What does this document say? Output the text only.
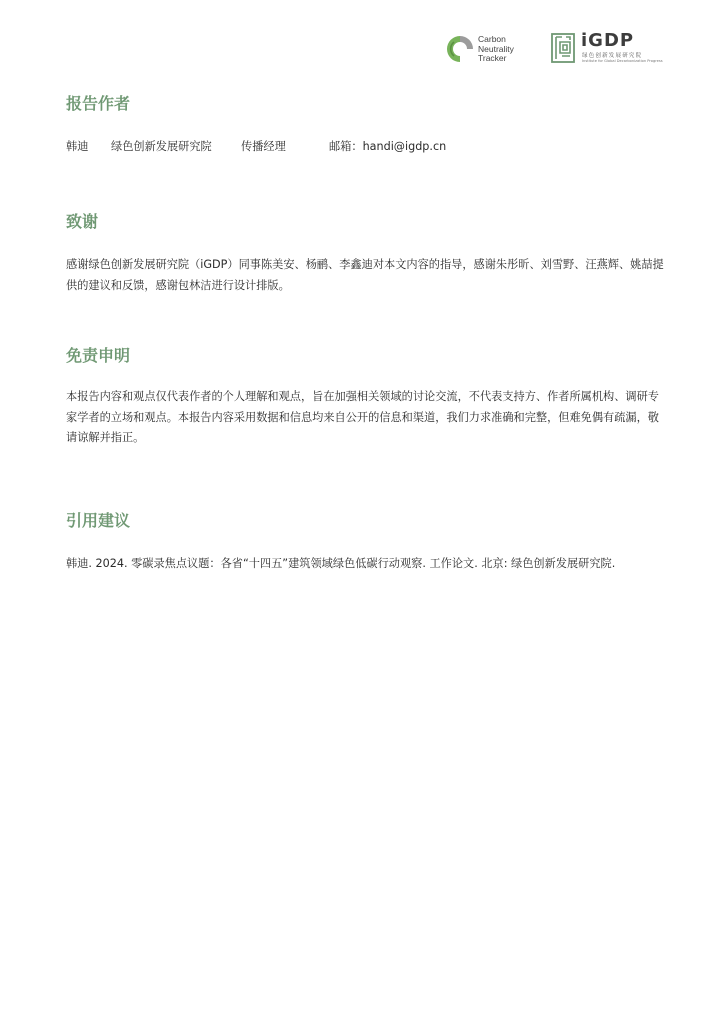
Carbon
Neutrality
Tracker
iGDP
绿色创新发展研究院
Institute for Global Decarbonization Progress
报告作者

韩迪 绿色创新发展研究院	传播经理	邮箱：handi@igdp.cn

致谢

感谢绿色创新发展研究院（iGDP）同事陈美安、杨鹂、李鑫迪对本文内容的指导，感谢朱彤昕、刘雪野、汪燕辉、姚喆提供的建议和反馈，感谢包林洁进行设计排版。

免责申明

本报告内容和观点仅代表作者的个人理解和观点，旨在加强相关领域的讨论交流，不代表支持方、作者所属机构、调研专家学者的立场和观点。本报告内容采用数据和信息均来自公开的信息和渠道，我们力求准确和完整，但难免偶有疏漏，敬请谅解并指正。

引用建议

韩迪. 2024. 零碳录焦点议题：各省“十四五”建筑领域绿色低碳行动观察. 工作论文. 北京: 绿色创新发展研究院.
